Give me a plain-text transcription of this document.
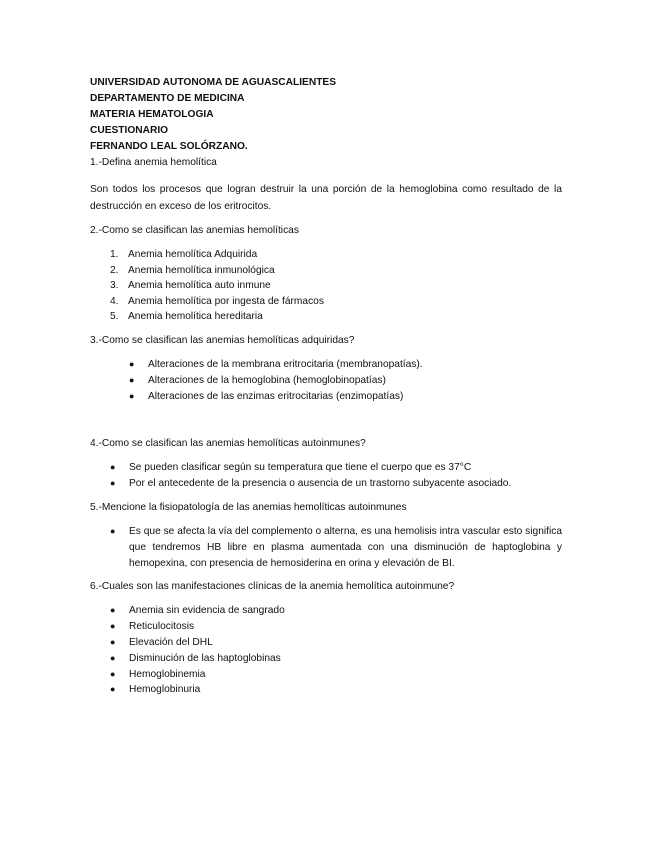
UNIVERSIDAD AUTONOMA DE AGUASCALIENTES

DEPARTAMENTO DE MEDICINA

MATERIA HEMATOLOGIA

CUESTIONARIO

FERNANDO LEAL SOLÓRZANO.

1.-Defina anemia hemolítica

Son todos los procesos que logran destruir la una porción de la hemoglobina como resultado de la destrucción en exceso de los eritrocitos.

2.-Como se clasifican las anemias hemolíticas

1. Anemia hemolítica Adquirida
2. Anemia hemolítica inmunológica
3. Anemia hemolítica auto inmune
4. Anemia hemolítica por ingesta de fármacos
5. Anemia hemolítica hereditaria

3.-Como se clasifican las anemias hemolíticas adquiridas?

● Alteraciones de la membrana eritrocitaria (membranopatías).
● Alteraciones de la hemoglobina (hemoglobinopatías)
● Alteraciones de las enzimas eritrocitarias (enzimopatías)

4.-Como se clasifican las anemias hemolíticas autoinmunes?

● Se pueden clasificar según su temperatura que tiene el cuerpo que es 37°C
● Por el antecedente de la presencia o ausencia de un trastorno subyacente asociado.

5.-Mencione la fisiopatología de las anemias hemolíticas autoinmunes

● Es que se afecta la vía del complemento o alterna, es una hemolisis intra vascular esto significa que tendremos HB libre en plasma aumentada con una disminución de haptoglobina y hemopexina, con presencia de hemosiderina en orina y elevación de BI.

6.-Cuales son las manifestaciones clínicas de la anemia hemolítica autoinmune?

● Anemia sin evidencia de sangrado
● Reticulocitosis
● Elevación del DHL
● Disminución de las haptoglobinas
● Hemoglobinemia
● Hemoglobinuria
